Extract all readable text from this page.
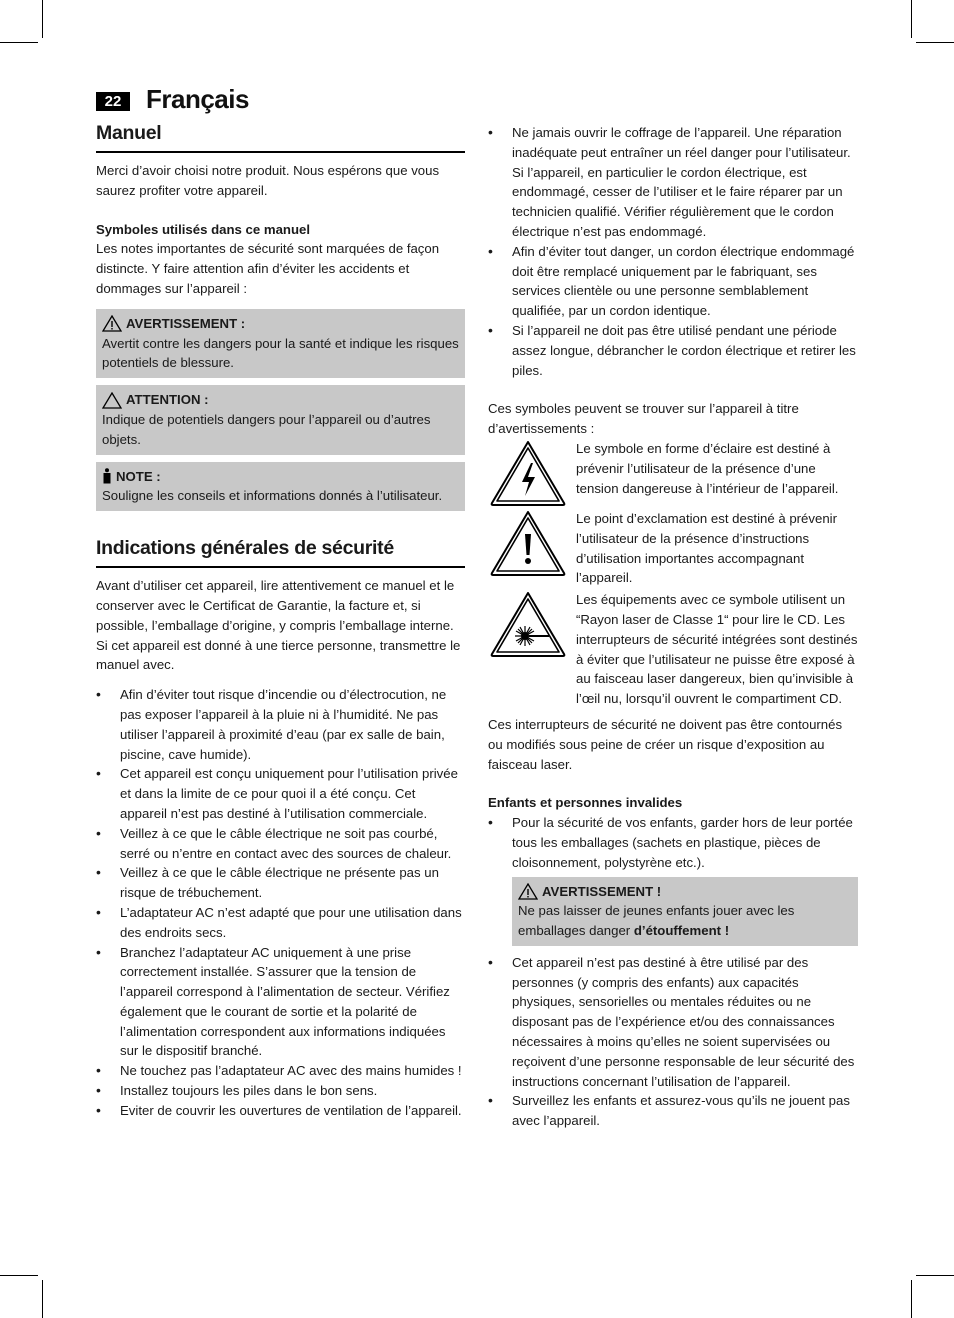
22 Français
Manuel

Merci d’avoir choisi notre produit. Nous espérons que vous saurez profiter votre appareil.

Symboles utilisés dans ce manuel

Les notes importantes de sécurité sont marquées de façon distincte. Y faire attention afin d’éviter les accidents et dommages sur l’appareil :

AVERTISSEMENT :

Avertit contre les dangers pour la santé et indique les risques potentiels de blessure.

ATTENTION :

Indique de potentiels dangers pour l’appareil ou d’autres objets.

NOTE :

Souligne les conseils et informations donnés à l’utilisateur.

Indications générales de sécurité

Avant d’utiliser cet appareil, lire attentivement ce manuel et le conserver avec le Certificat de Garantie, la facture et, si possible, l’emballage d’origine, y compris l’emballage interne. Si cet appareil est donné à une tierce personne, transmettre le manuel avec.

• Afin d’éviter tout risque d’incendie ou d’électrocution, ne pas exposer l’appareil à la pluie ni à l’humidité. Ne pas utiliser l’appareil à proximité d’eau (par ex salle de bain, piscine, cave humide).
• Cet appareil est conçu uniquement pour l’utilisation privée et dans la limite de ce pour quoi il a été conçu. Cet appareil n’est pas destiné à l’utilisation commerciale.
• Veillez à ce que le câble électrique ne soit pas courbé, serré ou n’entre en contact avec des sources de chaleur.
• Veillez à ce que le câble électrique ne présente pas un risque de trébuchement.
• L’adaptateur AC n’est adapté que pour une utilisation dans des endroits secs.
• Branchez l’adaptateur AC uniquement à une prise correctement installée. S’assurer que la tension de l’appareil correspond à l’alimentation de secteur. Vérifiez également que le courant de sortie et la polarité de l’alimentation correspondent aux informations indiquées sur le dispositif branché.
• Ne touchez pas l’adaptateur AC avec des mains humides !
• Installez toujours les piles dans le bon sens.
• Eviter de couvrir les ouvertures de ventilation de l’appareil.
• Ne jamais ouvrir le coffrage de l’appareil. Une réparation inadéquate peut entraîner un réel danger pour l’utilisateur. Si l’appareil, en particulier le cordon électrique, est endommagé, cesser de l’utiliser et le faire réparer par un technicien qualifié. Vérifier régulièrement que le cordon électrique n’est pas endommagé.
• Afin d’éviter tout danger, un cordon électrique endommagé doit être remplacé uniquement par le fabriquant, ses services clientèle ou une personne semblablement qualifiée, par un cordon identique.
• Si l’appareil ne doit pas être utilisé pendant une période assez longue, débrancher le cordon électrique et retirer les piles.

Ces symboles peuvent se trouver sur l’appareil à titre d’avertissements :

Le symbole en forme d’éclaire est destiné à prévenir l’utilisateur de la présence d’une tension dangereuse à l’intérieur de l’appareil.
Le point d’exclamation est destiné à prévenir l’utilisateur de la présence d’instructions d’utilisation importantes accompagnant l’appareil.
Les équipements avec ce symbole utilisent un “Rayon laser de Classe 1“ pour lire le CD. Les interrupteurs de sécurité intégrées sont destinés à éviter que l’utilisateur ne puisse être exposé à au faisceau laser dangereux, bien qu’invisible à l’œil nu, lorsqu’il ouvrent le compartiment CD.

Ces interrupteurs de sécurité ne doivent pas être contournés ou modifiés sous peine de créer un risque d’exposition au faisceau laser.

Enfants et personnes invalides

• Pour la sécurité de vos enfants, garder hors de leur portée tous les emballages (sachets en plastique, pièces de cloisonnement, polystyrène etc.).
AVERTISSEMENT !

Ne pas laisser de jeunes enfants jouer avec les emballages danger d’étouffement !

• Cet appareil n’est pas destiné à être utilisé par des personnes (y compris des enfants) aux capacités physiques, sensorielles ou mentales réduites ou ne disposant pas de l’expérience et/ou des connaissances nécessaires à moins qu’elles ne soient supervisées ou reçoivent d’une personne responsable de leur sécurité des instructions concernant l’utilisation de l’appareil.
• Surveillez les enfants et assurez-vous qu’ils ne jouent pas avec l’appareil.
